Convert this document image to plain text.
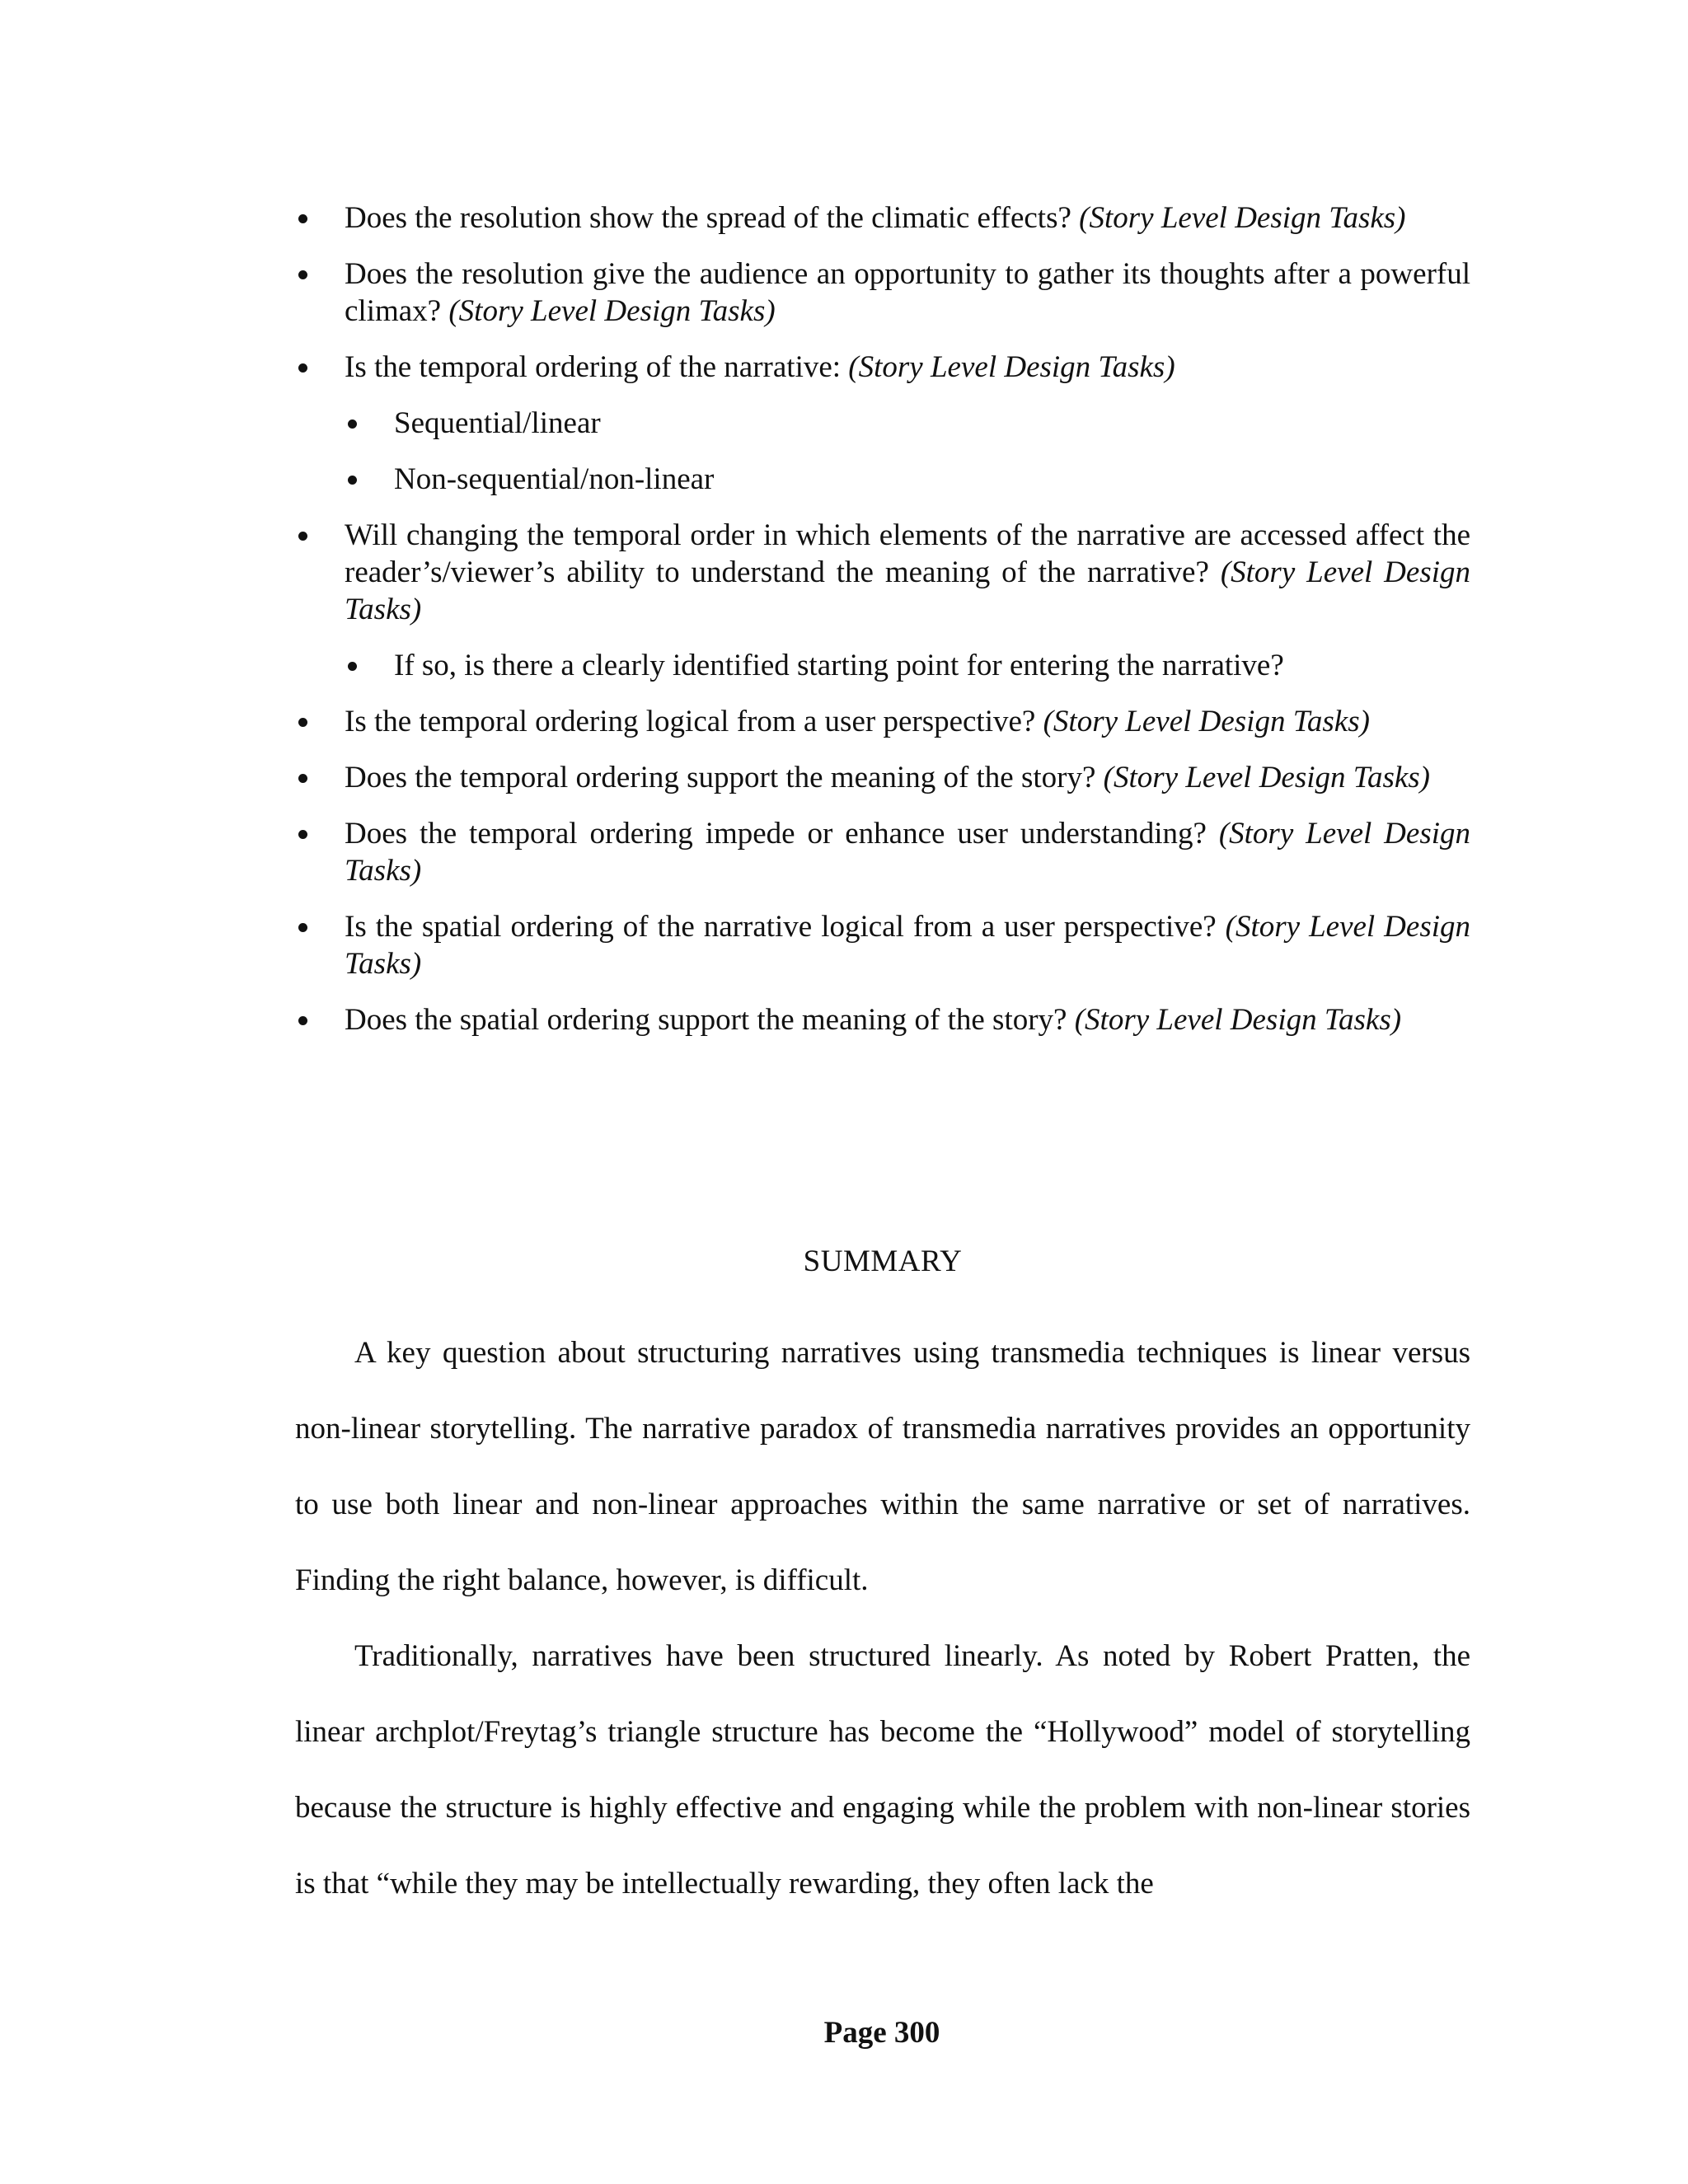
Does the resolution show the spread of the climatic effects? (Story Level Design Tasks)
Does the resolution give the audience an opportunity to gather its thoughts after a powerful climax? (Story Level Design Tasks)
Is the temporal ordering of the narrative: (Story Level Design Tasks)
Sequential/linear
Non-sequential/non-linear
Will changing the temporal order in which elements of the narrative are accessed affect the reader’s/viewer’s ability to understand the meaning of the narrative? (Story Level Design Tasks)
If so, is there a clearly identified starting point for entering the narrative?
Is the temporal ordering logical from a user perspective? (Story Level Design Tasks)
Does the temporal ordering support the meaning of the story? (Story Level Design Tasks)
Does the temporal ordering impede or enhance user understanding? (Story Level Design Tasks)
Is the spatial ordering of the narrative logical from a user perspective? (Story Level Design Tasks)
Does the spatial ordering support the meaning of the story? (Story Level Design Tasks)
SUMMARY

A key question about structuring narratives using transmedia techniques is linear versus non-linear storytelling. The narrative paradox of transmedia narratives provides an opportunity to use both linear and non-linear approaches within the same narrative or set of narratives. Finding the right balance, however, is difficult.

Traditionally, narratives have been structured linearly. As noted by Robert Pratten, the linear archplot/Freytag’s triangle structure has become the “Hollywood” model of storytelling because the structure is highly effective and engaging while the problem with non-linear stories is that “while they may be intellectually rewarding, they often lack the

Page 300
